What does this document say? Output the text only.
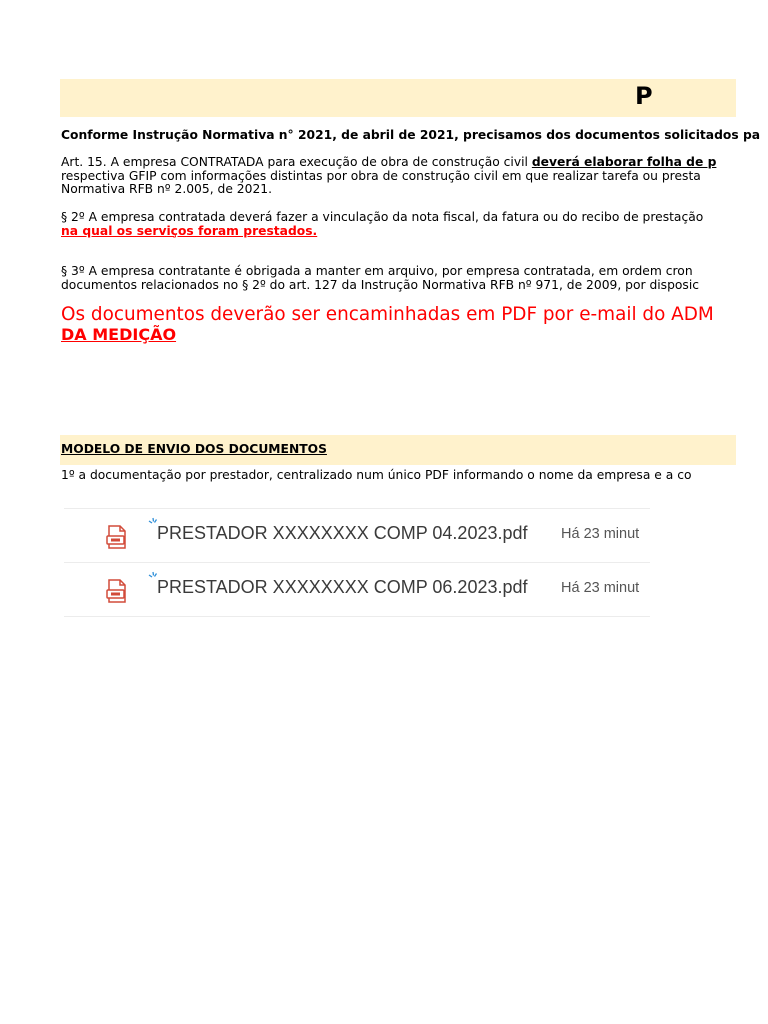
P
Conforme Instrução Normativa n° 2021, de abril de 2021, precisamos dos documentos solicitados pa
Art. 15. A empresa CONTRATADA para execução de obra de construção civil deverá elaborar folha de p
respectiva GFIP com informações distintas por obra de construção civil em que realizar tarefa ou presta
Normativa RFB nº 2.005, de 2021.
§ 2º A empresa contratada deverá fazer a vinculação da nota fiscal, da fatura ou do recibo de prestação
na qual os serviços foram prestados.
§ 3º A empresa contratante é obrigada a manter em arquivo, por empresa contratada, em ordem cron
documentos relacionados no § 2º do art. 127 da Instrução Normativa RFB nº 971, de 2009, por disposic
Os documentos deverão ser encaminhadas em PDF por e-mail do ADM
DA MEDIÇÃO
MODELO DE ENVIO DOS DOCUMENTOS
1º a documentação por prestador, centralizado num único PDF informando o nome da empresa e a co
PRESTADOR XXXXXXXX COMP 04.2023.pdf Há 23 minut
PRESTADOR XXXXXXXX COMP 06.2023.pdf Há 23 minut
